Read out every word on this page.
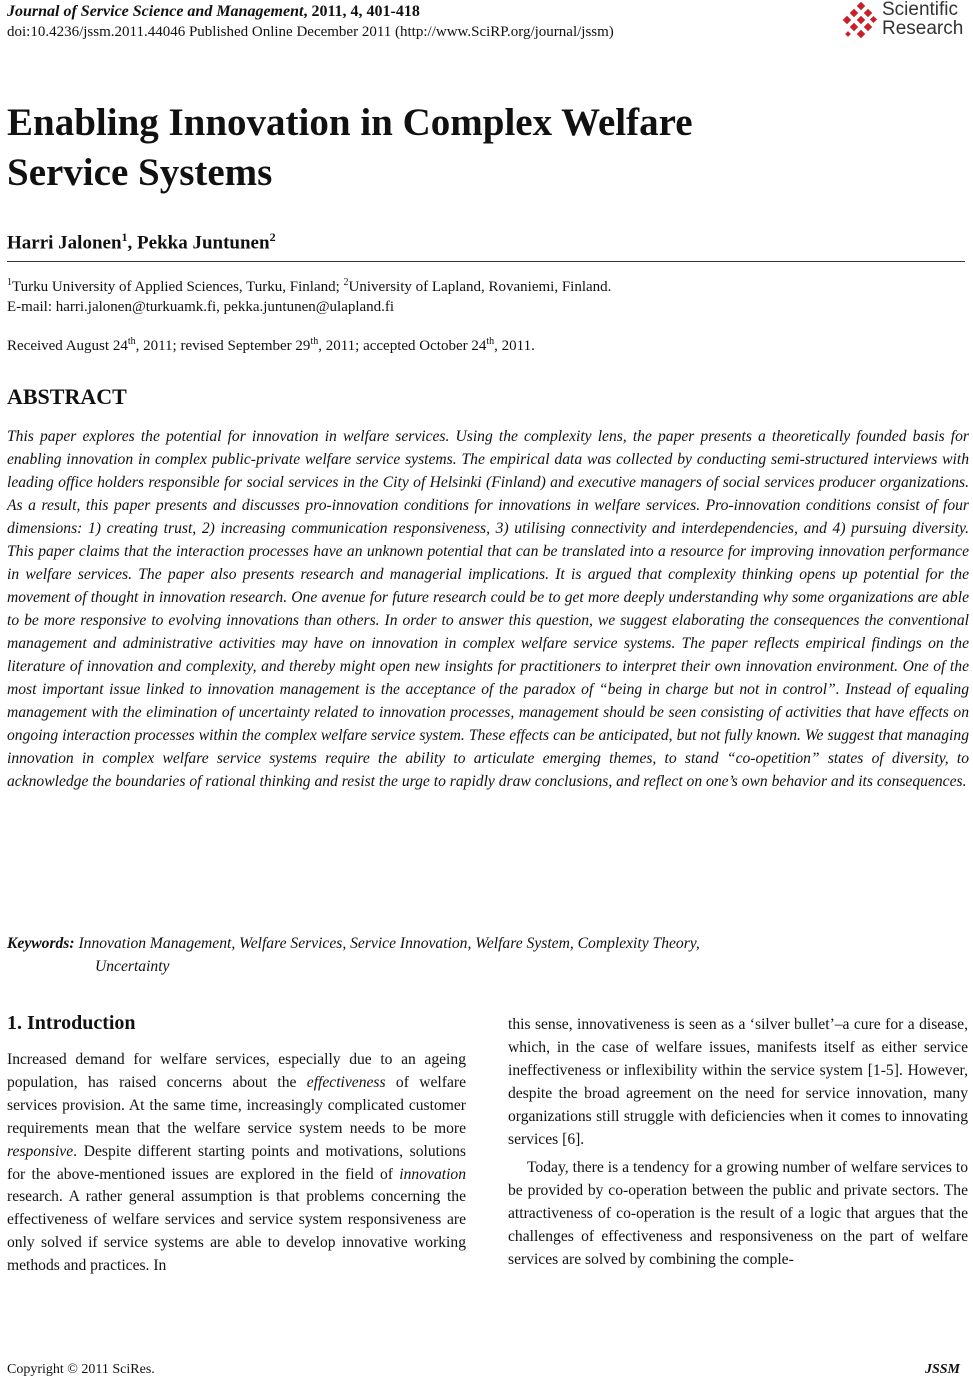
Journal of Service Science and Management, 2011, 4, 401-418
doi:10.4236/jssm.2011.44046 Published Online December 2011 (http://www.SciRP.org/journal/jssm)
Scientific
Research
Enabling Innovation in Complex Welfare
Service Systems
Harri Jalonen$^1$, Pekka Juntunen$^2$
$^1$Turku University of Applied Sciences, Turku, Finland; $^2$University of Lapland, Rovaniemi, Finland.
E-mail: harri.jalonen@turkuamk.fi, pekka.juntunen@ulapland.fi
Received August 24th, 2011; revised September 29th, 2011; accepted October 24th, 2011.
ABSTRACT
This paper explores the potential for innovation in welfare services. Using the complexity lens, the paper presents a theoretically founded basis for enabling innovation in complex public-private welfare service systems. The empirical data was collected by conducting semi-structured interviews with leading office holders responsible for social services in the City of Helsinki (Finland) and executive managers of social services producer organizations. As a result, this paper presents and discusses pro-innovation conditions for innovations in welfare services. Pro-innovation conditions consist of four dimensions: 1) creating trust, 2) increasing communication responsiveness, 3) utilising connectivity and interdependencies, and 4) pursuing diversity. This paper claims that the interaction processes have an unknown potential that can be translated into a resource for improving innovation performance in welfare services. The paper also presents research and managerial implications. It is argued that complexity thinking opens up potential for the movement of thought in innovation research. One avenue for future research could be to get more deeply understanding why some organizations are able to be more responsive to evolving innovations than others. In order to answer this question, we suggest elaborating the consequences the conventional management and administrative activities may have on innovation in complex welfare service systems. The paper reflects empirical findings on the literature of innovation and complexity, and thereby might open new insights for practitioners to interpret their own innovation environment. One of the most important issue linked to innovation management is the acceptance of the paradox of “being in charge but not in control”. Instead of equaling management with the elimination of uncertainty related to innovation processes, management should be seen consisting of activities that have effects on ongoing interaction processes within the complex welfare service system. These effects can be anticipated, but not fully known. We suggest that managing innovation in complex welfare service systems require the ability to articulate emerging themes, to stand “co-opetition” states of diversity, to acknowledge the boundaries of rational thinking and resist the urge to rapidly draw conclusions, and reflect on one’s own behavior and its consequences.
Keywords: Innovation Management, Welfare Services, Service Innovation, Welfare System, Complexity Theory,
Uncertainty
1. Introduction

Increased demand for welfare services, especially due to an ageing population, has raised concerns about the effectiveness of welfare services provision. At the same time, increasingly complicated customer requirements mean that the welfare service system needs to be more responsive. Despite different starting points and motivations, solutions for the above-mentioned issues are explored in the field of innovation research. A rather general assumption is that problems concerning the effectiveness of welfare services and service system responsiveness are only solved if service systems are able to develop innovative working methods and practices. In

this sense, innovativeness is seen as a ‘silver bullet’–a cure for a disease, which, in the case of welfare issues, manifests itself as either service ineffectiveness or inflexibility within the service system [1-5]. However, despite the broad agreement on the need for service innovation, many organizations still struggle with deficiencies when it comes to innovating services [6].

Today, there is a tendency for a growing number of welfare services to be provided by co-operation between the public and private sectors. The attractiveness of co-operation is the result of a logic that argues that the challenges of effectiveness and responsiveness on the part of welfare services are solved by combining the comple-

Copyright © 2011 SciRes.	JSSM
